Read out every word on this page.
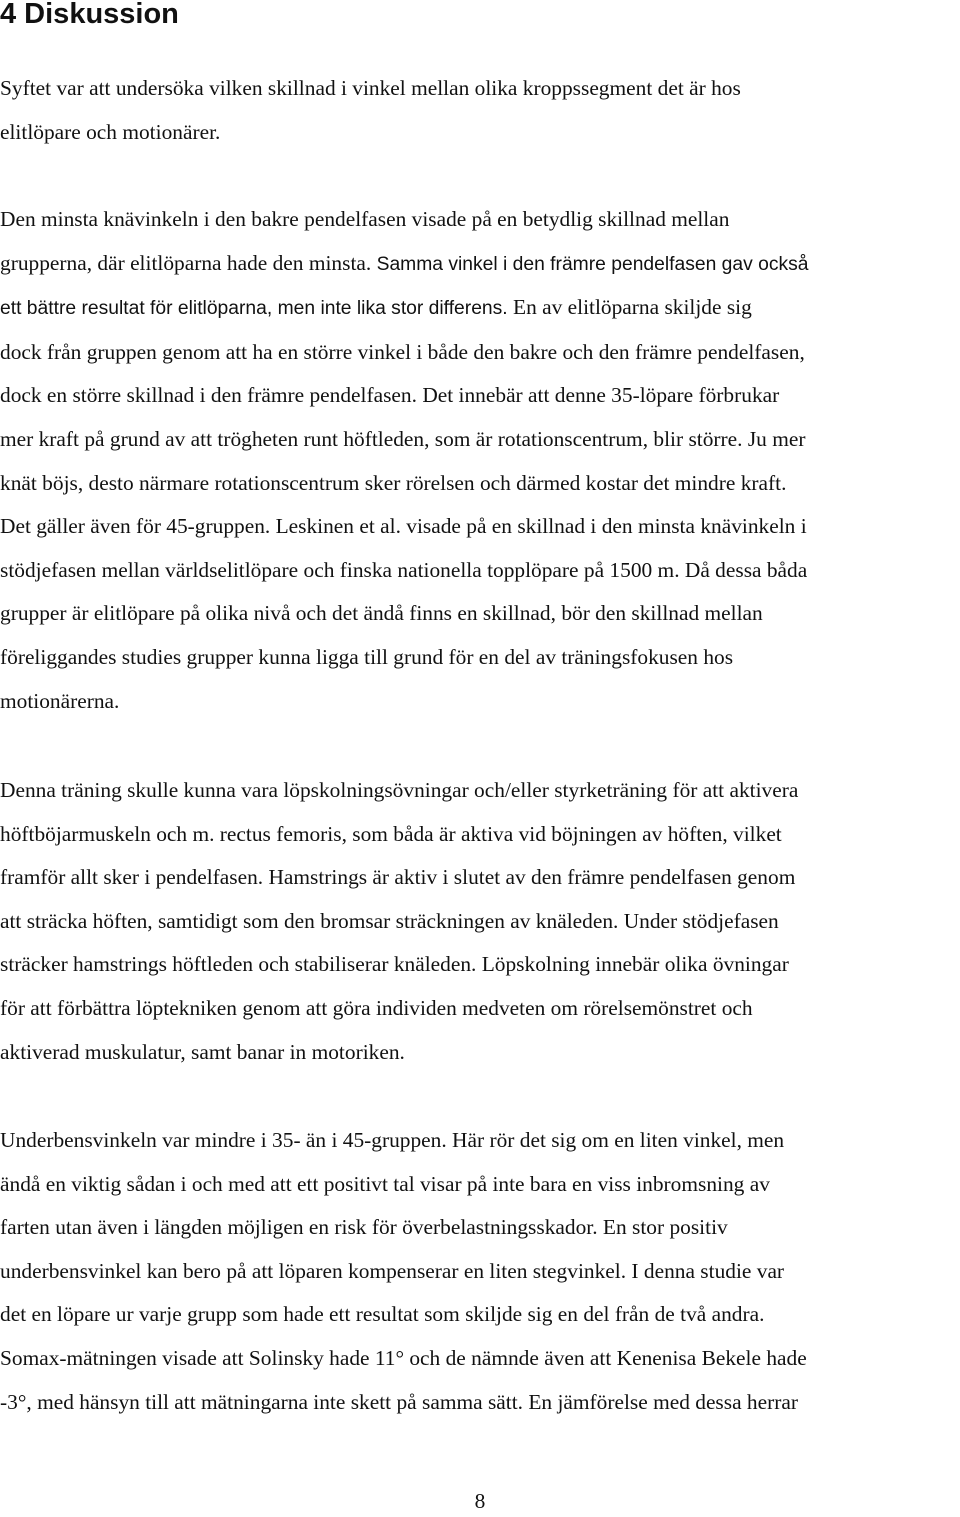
4 Diskussion

Syftet var att undersöka vilken skillnad i vinkel mellan olika kroppssegment det är hos
elitlöpare och motionärer.

Den minsta knävinkeln i den bakre pendelfasen visade på en betydlig skillnad mellan
grupperna, där elitlöparna hade den minsta. Samma vinkel i den främre pendelfasen gav också
ett bättre resultat för elitlöparna, men inte lika stor differens. En av elitlöparna skiljde sig
dock från gruppen genom att ha en större vinkel i både den bakre och den främre pendelfasen,
dock en större skillnad i den främre pendelfasen. Det innebär att denne 35-löpare förbrukar
mer kraft på grund av att trögheten runt höftleden, som är rotationscentrum, blir större. Ju mer
knät böjs, desto närmare rotationscentrum sker rörelsen och därmed kostar det mindre kraft.
Det gäller även för 45-gruppen. Leskinen et al. visade på en skillnad i den minsta knävinkeln i
stödjefasen mellan världselitlöpare och finska nationella topplöpare på 1500 m. Då dessa båda
grupper är elitlöpare på olika nivå och det ändå finns en skillnad, bör den skillnad mellan
föreliggandes studies grupper kunna ligga till grund för en del av träningsfokusen hos
motionärerna.

Denna träning skulle kunna vara löpskolningsövningar och/eller styrketräning för att aktivera
höftböjarmuskeln och m. rectus femoris, som båda är aktiva vid böjningen av höften, vilket
framför allt sker i pendelfasen. Hamstrings är aktiv i slutet av den främre pendelfasen genom
att sträcka höften, samtidigt som den bromsar sträckningen av knäleden. Under stödjefasen
sträcker hamstrings höftleden och stabiliserar knäleden. Löpskolning innebär olika övningar
för att förbättra löptekniken genom att göra individen medveten om rörelsemönstret och
aktiverad muskulatur, samt banar in motoriken.

Underbensvinkeln var mindre i 35- än i 45-gruppen. Här rör det sig om en liten vinkel, men
ändå en viktig sådan i och med att ett positivt tal visar på inte bara en viss inbromsning av
farten utan även i längden möjligen en risk för överbelastningsskador. En stor positiv
underbensvinkel kan bero på att löparen kompenserar en liten stegvinkel. I denna studie var
det en löpare ur varje grupp som hade ett resultat som skiljde sig en del från de två andra.
Somax-mätningen visade att Solinsky hade 11° och de nämnde även att Kenenisa Bekele hade
-3°, med hänsyn till att mätningarna inte skett på samma sätt. En jämförelse med dessa herrar

8
